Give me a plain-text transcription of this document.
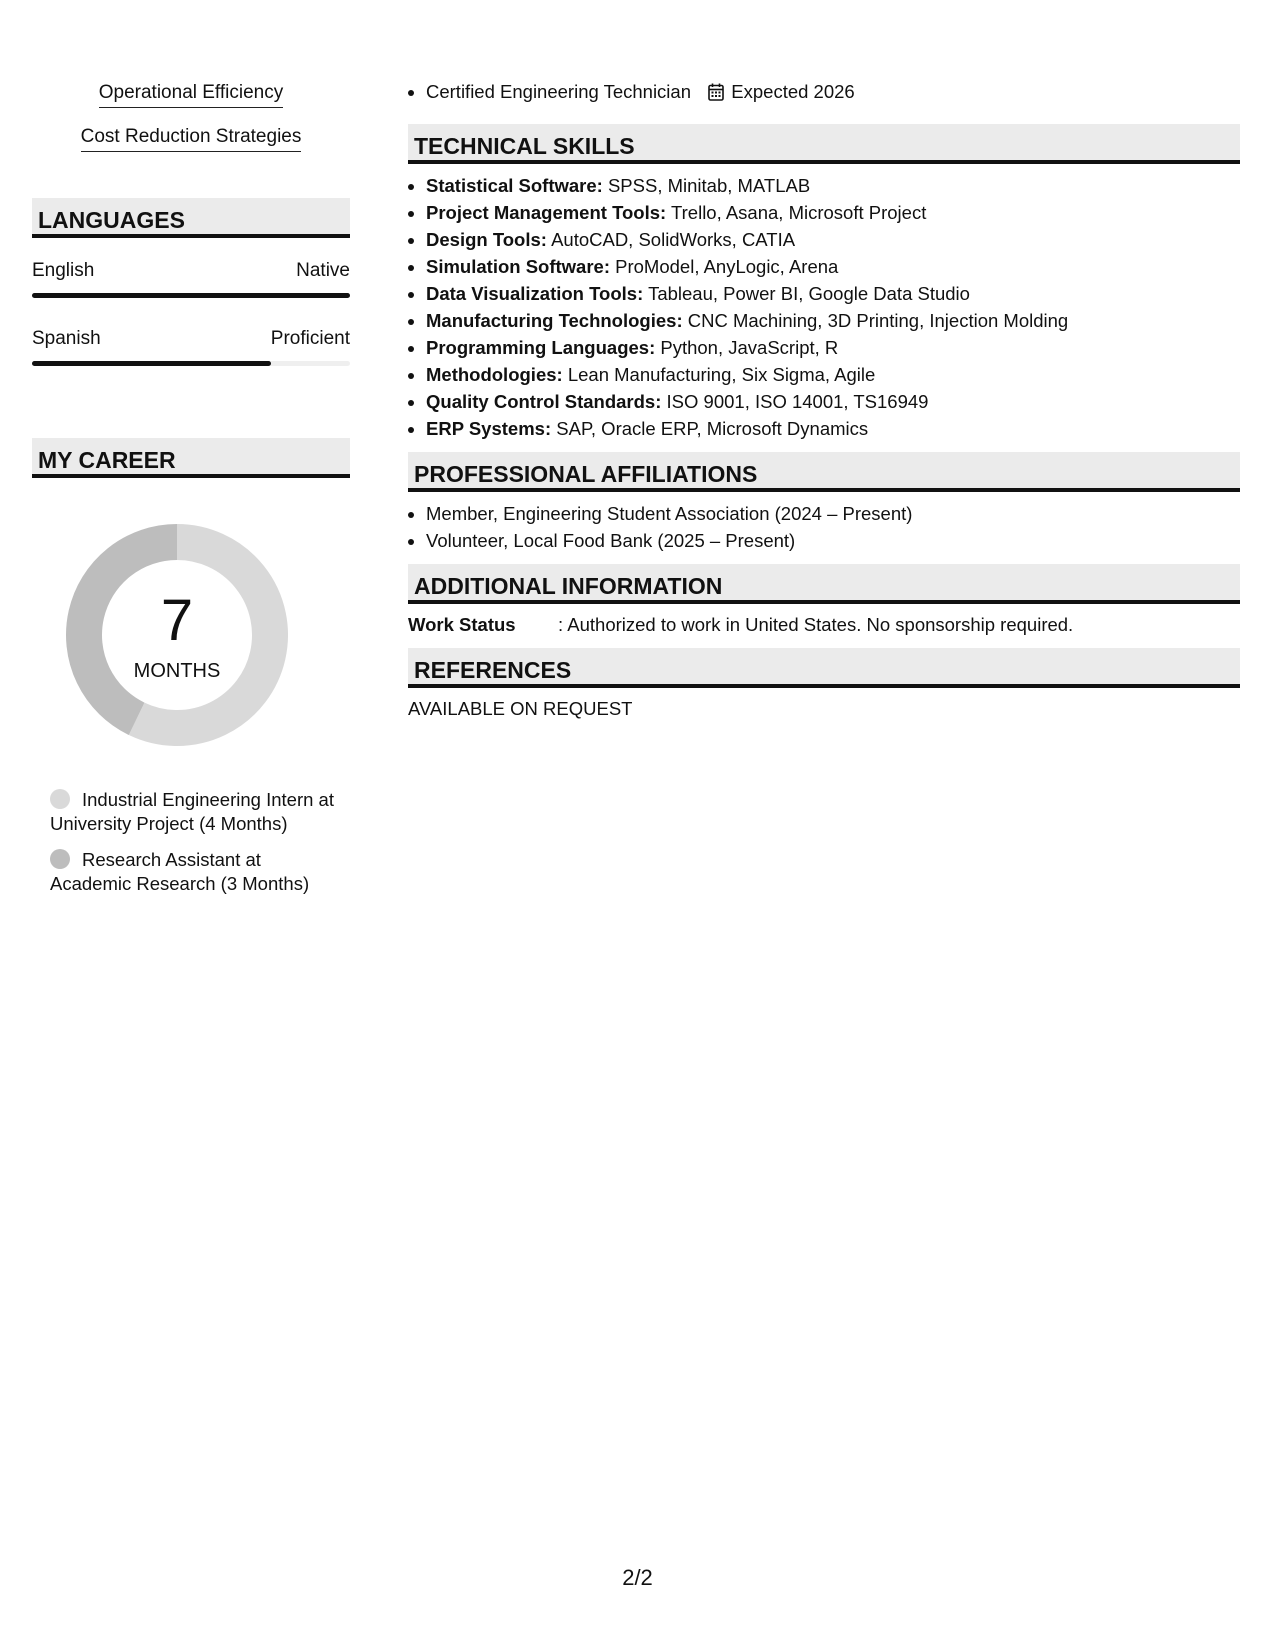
Operational Efficiency
Cost Reduction Strategies
LANGUAGES
English	Native
Spanish	Proficient
MY CAREER
7
MONTHS
Industrial Engineering Intern at University Project (4 Months)
Research Assistant at Academic Research (3 Months)
• Certified Engineering Technician Expected 2026
TECHNICAL SKILLS
• Statistical Software: SPSS, Minitab, MATLAB
• Project Management Tools: Trello, Asana, Microsoft Project
• Design Tools: AutoCAD, SolidWorks, CATIA
• Simulation Software: ProModel, AnyLogic, Arena
• Data Visualization Tools: Tableau, Power BI, Google Data Studio
• Manufacturing Technologies: CNC Machining, 3D Printing, Injection Molding
• Programming Languages: Python, JavaScript, R
• Methodologies: Lean Manufacturing, Six Sigma, Agile
• Quality Control Standards: ISO 9001, ISO 14001, TS16949
• ERP Systems: SAP, Oracle ERP, Microsoft Dynamics
PROFESSIONAL AFFILIATIONS
• Member, Engineering Student Association (2024 – Present)
• Volunteer, Local Food Bank (2025 – Present)
ADDITIONAL INFORMATION
Work Status	: Authorized to work in United States. No sponsorship required.
REFERENCES
AVAILABLE ON REQUEST
2/2
